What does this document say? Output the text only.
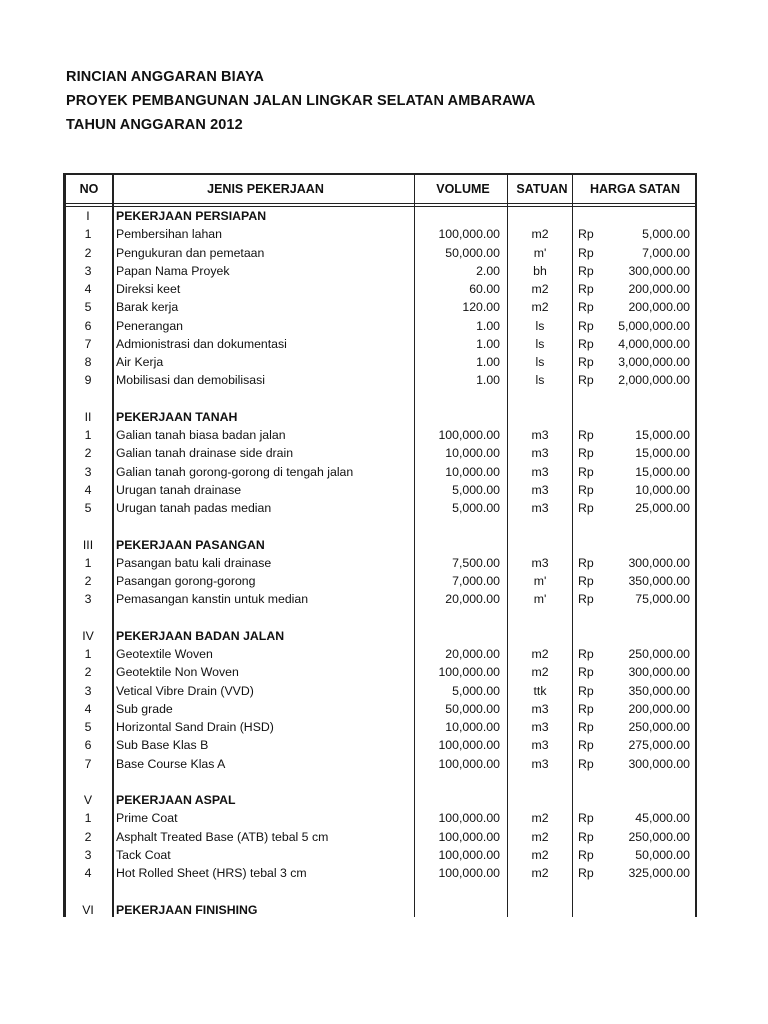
RINCIAN ANGGARAN BIAYA
PROYEK PEMBANGUNAN JALAN LINGKAR SELATAN AMBARAWA
TAHUN ANGGARAN 2012
NO	JENIS PEKERJAAN	VOLUME	SATUAN	HARGA SATAN
I	PEKERJAAN PERSIAPAN
1	Pembersihan lahan	100,000.00	m2	Rp	5,000.00
2	Pengukuran dan pemetaan	50,000.00	m'	Rp	7,000.00
3	Papan Nama Proyek	2.00	bh	Rp	300,000.00
4	Direksi keet	60.00	m2	Rp	200,000.00
5	Barak kerja	120.00	m2	Rp	200,000.00
6	Penerangan	1.00	ls	Rp	5,000,000.00
7	Admionistrasi dan dokumentasi	1.00	ls	Rp	4,000,000.00
8	Air Kerja	1.00	ls	Rp	3,000,000.00
9	Mobilisasi dan demobilisasi	1.00	ls	Rp	2,000,000.00
II	PEKERJAAN TANAH
1	Galian tanah biasa badan jalan	100,000.00	m3	Rp	15,000.00
2	Galian tanah drainase side drain	10,000.00	m3	Rp	15,000.00
3	Galian tanah gorong-gorong di tengah jalan	10,000.00	m3	Rp	15,000.00
4	Urugan tanah drainase	5,000.00	m3	Rp	10,000.00
5	Urugan tanah padas median	5,000.00	m3	Rp	25,000.00
III	PEKERJAAN PASANGAN
1	Pasangan batu kali drainase	7,500.00	m3	Rp	300,000.00
2	Pasangan gorong-gorong	7,000.00	m'	Rp	350,000.00
3	Pemasangan kanstin untuk median	20,000.00	m'	Rp	75,000.00
IV	PEKERJAAN BADAN JALAN
1	Geotextile Woven	20,000.00	m2	Rp	250,000.00
2	Geotektile Non Woven	100,000.00	m2	Rp	300,000.00
3	Vetical Vibre Drain (VVD)	5,000.00	ttk	Rp	350,000.00
4	Sub grade	50,000.00	m3	Rp	200,000.00
5	Horizontal Sand Drain (HSD)	10,000.00	m3	Rp	250,000.00
6	Sub Base Klas B	100,000.00	m3	Rp	275,000.00
7	Base Course Klas A	100,000.00	m3	Rp	300,000.00
V	PEKERJAAN ASPAL
1	Prime Coat	100,000.00	m2	Rp	45,000.00
2	Asphalt Treated Base (ATB) tebal 5 cm	100,000.00	m2	Rp	250,000.00
3	Tack Coat	100,000.00	m2	Rp	50,000.00
4	Hot Rolled Sheet (HRS) tebal 3 cm	100,000.00	m2	Rp	325,000.00
VI	PEKERJAAN FINISHING
